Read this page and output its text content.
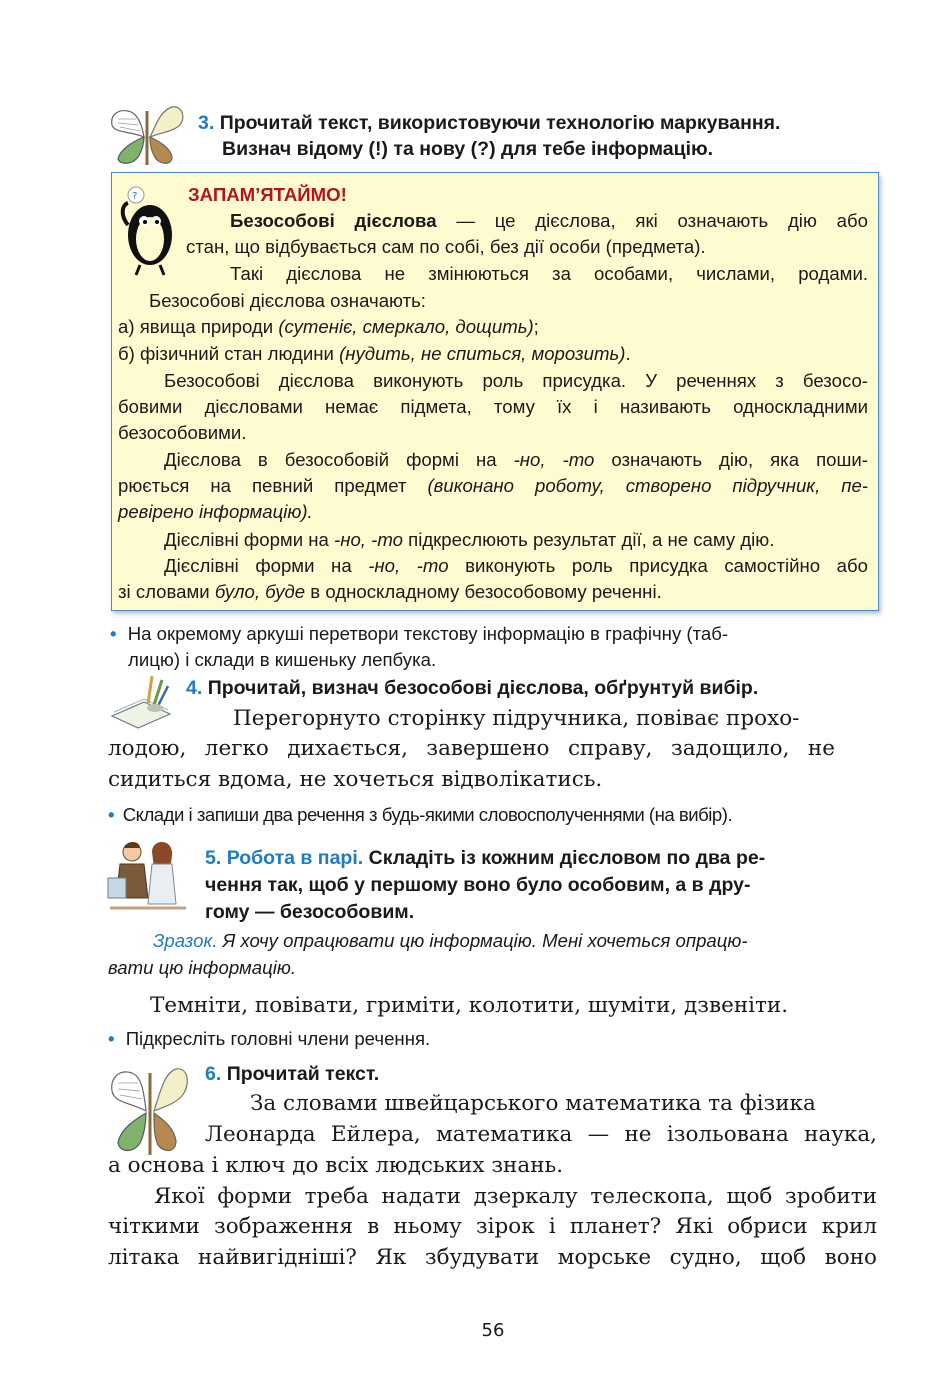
3. Прочитай текст, використовуючи технологію маркування.
Визнач відому (!) та нову (?) для тебе інформацію.
?	ЗАПАМ’ЯТАЙМО!
Безособові дієслова — це дієслова, які означають дію або
стан, що відбувається сам по собі, без дії особи (предмета).
Такі дієслова не змінюються за особами, числами, родами.
Безособові дієслова означають:
а) явища природи (сутеніє, смеркало, дощить);
б) фізичний стан людини (нудить, не спиться, морозить).
Безособові дієслова виконують роль присудка. У реченнях з безосо-
бовими дієсловами немає підмета, тому їх і називають односкладними
безособовими.
Дієслова в безособовій формі на -но, -то означають дію, яка поши-
рюється на певний предмет (виконано роботу, створено підручник, пе-
ревірено інформацію).
Дієслівні форми на -но, -то підкреслюють результат дії, а не саму дію.
Дієслівні форми на -но, -то виконують роль присудка самостійно або
зі словами було, буде в односкладному безособовому реченні.
• На окремому аркуші перетвори текстову інформацію в графічну (таб-
лицю) і склади в кишеньку лепбука.
4. Прочитай, визнач безособові дієслова, обґрунтуй вибір.
Перегорнуто сторінку підручника, повіває прохо-
лодою, легко дихається, завершено справу, задощило, не
сидиться вдома, не хочеться відволікатись.
• Склади і запиши два речення з будь-якими словосполученнями (на вибір).
5. Робота в парі. Складіть із кожним дієсловом по два ре-
чення так, щоб у першому воно було особовим, а в дру-
гому — безособовим.
Зразок. Я хочу опрацювати цю інформацію. Мені хочеться опрацю-
вати цю інформацію.
Темніти, повівати, гриміти, колотити, шуміти, дзвеніти.
• Підкресліть головні члени речення.
6. Прочитай текст.
За словами швейцарського математика та фізика
Леонарда Ейлера, математика — не ізольована наука,
а основа і ключ до всіх людських знань.
Якої форми треба надати дзеркалу телескопа, щоб зробити
чіткими зображення в ньому зірок і планет? Які обриси крил
літака найвигідніші? Як збудувати морське судно, щоб воно
56
